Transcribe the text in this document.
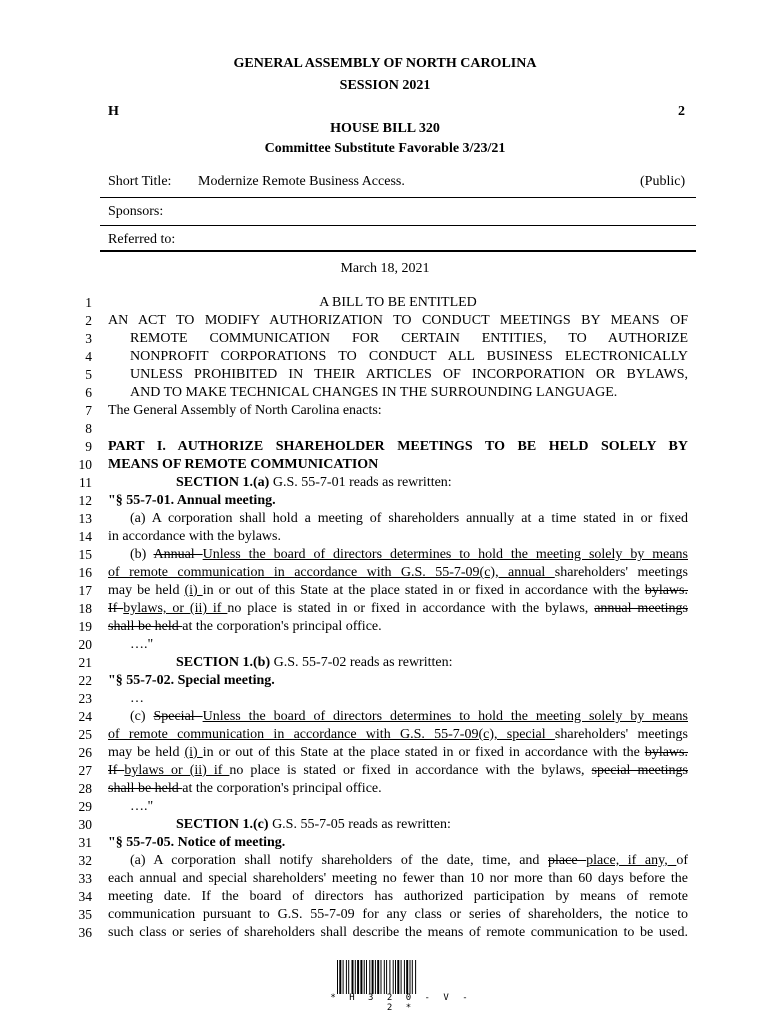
GENERAL ASSEMBLY OF NORTH CAROLINA
SESSION 2021
H	2
HOUSE BILL 320
Committee Substitute Favorable 3/23/21
Short Title: Modernize Remote Business Access.	(Public)
Sponsors:
Referred to:
March 18, 2021
1	A BILL TO BE ENTITLED
2 AN ACT TO MODIFY AUTHORIZATION TO CONDUCT MEETINGS BY MEANS OF
3	REMOTE COMMUNICATION FOR CERTAIN ENTITIES, TO AUTHORIZE
4	NONPROFIT CORPORATIONS TO CONDUCT ALL BUSINESS ELECTRONICALLY
5	UNLESS PROHIBITED IN THEIR ARTICLES OF INCORPORATION OR BYLAWS,
6	AND TO MAKE TECHNICAL CHANGES IN THE SURROUNDING LANGUAGE.
7 The General Assembly of North Carolina enacts:
8
9 PART I. AUTHORIZE SHAREHOLDER MEETINGS TO BE HELD SOLELY BY
10 MEANS OF REMOTE COMMUNICATION
11	SECTION 1.(a) G.S. 55-7-01 reads as rewritten:
12 "§ 55-7-01. Annual meeting.
13	(a) A corporation shall hold a meeting of shareholders annually at a time stated in or fixed
14 in accordance with the bylaws.
15	(b) Annual Unless the board of directors determines to hold the meeting solely by means
16 of remote communication in accordance with G.S. 55-7-09(c), annual shareholders' meetings
17 may be held (i) in or out of this State at the place stated in or fixed in accordance with the bylaws.
18 If bylaws, or (ii) if no place is stated in or fixed in accordance with the bylaws, annual meetings
19 shall be held at the corporation's principal office.
20	…."
21	SECTION 1.(b) G.S. 55-7-02 reads as rewritten:
22 "§ 55-7-02. Special meeting.
23	…
24	(c) Special Unless the board of directors determines to hold the meeting solely by means
25 of remote communication in accordance with G.S. 55-7-09(c), special shareholders' meetings
26 may be held (i) in or out of this State at the place stated in or fixed in accordance with the bylaws.
27 If bylaws or (ii) if no place is stated or fixed in accordance with the bylaws, special meetings
28 shall be held at the corporation's principal office.
29	…."
30	SECTION 1.(c) G.S. 55-7-05 reads as rewritten:
31 "§ 55-7-05. Notice of meeting.
32	(a) A corporation shall notify shareholders of the date, time, and place place, if any, of
33 each annual and special shareholders' meeting no fewer than 10 nor more than 60 days before the
34 meeting date. If the board of directors has authorized participation by means of remote
35 communication pursuant to G.S. 55-7-09 for any class or series of shareholders, the notice to
36 such class or series of shareholders shall describe the means of remote communication to be used.
* H 3 2 0 - V - 2 *
